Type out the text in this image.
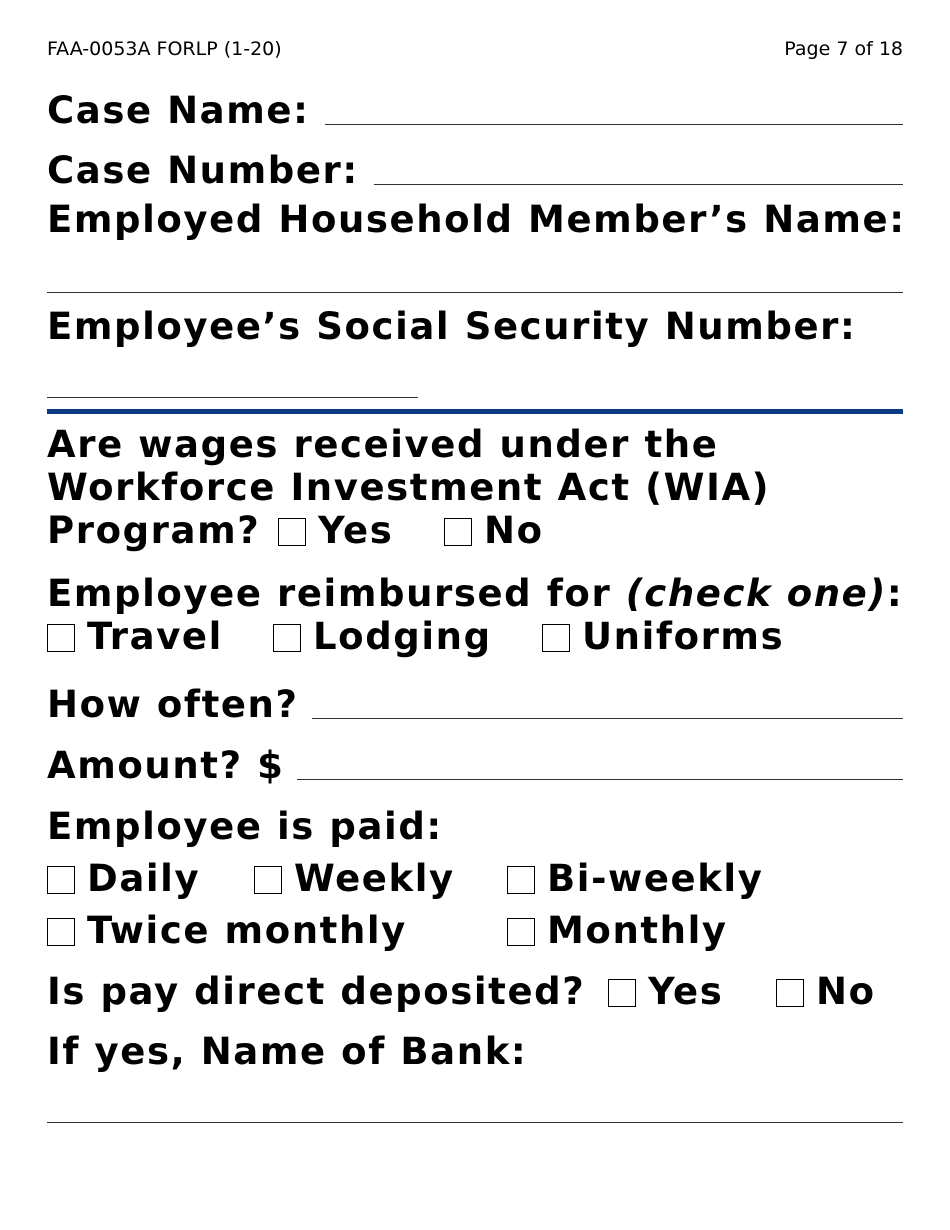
FAA-0053A FORLP (1-20)	Page 7 of 18
Case Name:
Case Number:
Employed Household Member’s Name:
Employee’s Social Security Number:
Are wages received under the
Workforce Investment Act (WIA)
Program?	Yes	No
Employee reimbursed for (check one):
Travel	Lodging	Uniforms
How often?
Amount? $
Employee is paid:
Daily	Weekly	Bi-weekly
Twice monthly	Monthly
Is pay direct deposited?	Yes	No
If yes, Name of Bank:
